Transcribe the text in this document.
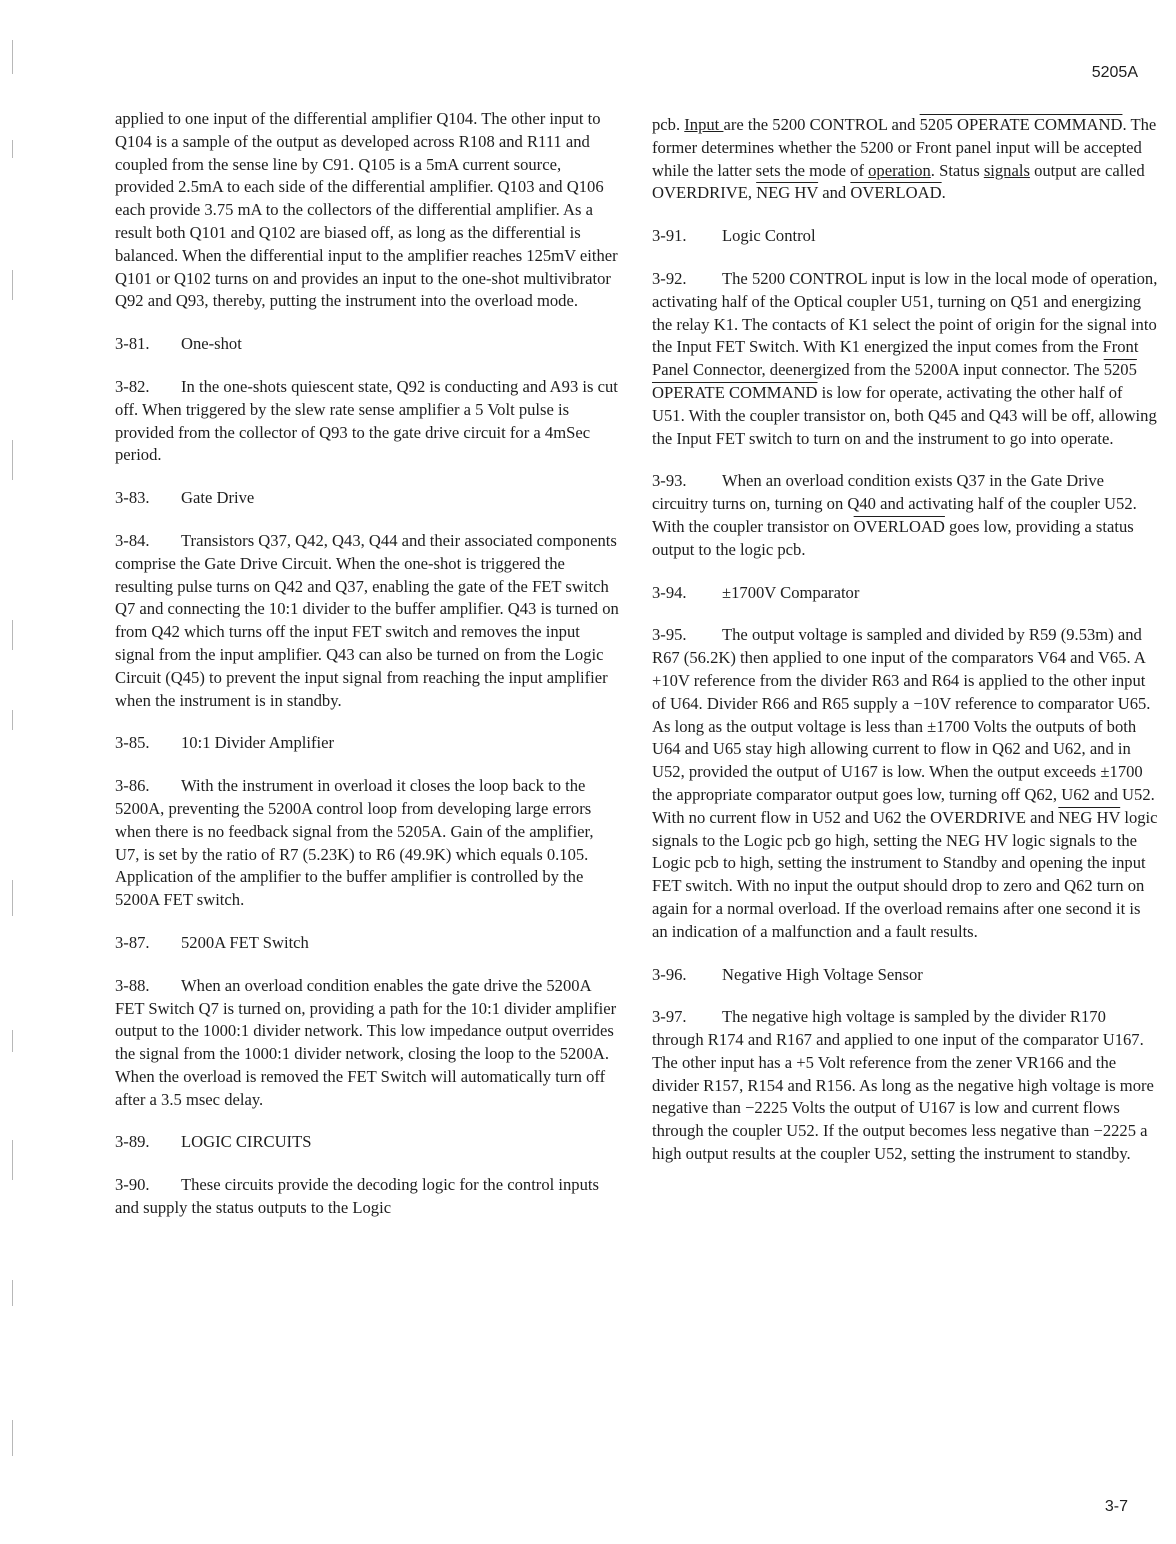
5205A

applied to one input of the differential amplifier Q104. The other input to Q104 is a sample of the output as developed across R108 and R111 and coupled from the sense line by C91. Q105 is a 5mA current source, provided 2.5mA to each side of the differential amplifier. Q103 and Q106 each provide 3.75 mA to the collectors of the differential amplifier. As a result both Q101 and Q102 are biased off, as long as the differential is balanced. When the differential input to the amplifier reaches 125mV either Q101 or Q102 turns on and provides an input to the one-shot multivibrator Q92 and Q93, thereby, putting the instrument into the overload mode.

3-81. One-shot

3-82. In the one-shots quiescent state, Q92 is conducting and A93 is cut off. When triggered by the slew rate sense amplifier a 5 Volt pulse is provided from the collector of Q93 to the gate drive circuit for a 4mSec period.

3-83. Gate Drive

3-84. Transistors Q37, Q42, Q43, Q44 and their associated components comprise the Gate Drive Circuit. When the one-shot is triggered the resulting pulse turns on Q42 and Q37, enabling the gate of the FET switch Q7 and connecting the 10:1 divider to the buffer amplifier. Q43 is turned on from Q42 which turns off the input FET switch and removes the input signal from the input amplifier. Q43 can also be turned on from the Logic Circuit (Q45) to prevent the input signal from reaching the input amplifier when the instrument is in standby.

3-85. 10:1 Divider Amplifier

3-86. With the instrument in overload it closes the loop back to the 5200A, preventing the 5200A control loop from developing large errors when there is no feedback signal from the 5205A. Gain of the amplifier, U7, is set by the ratio of R7 (5.23K) to R6 (49.9K) which equals 0.105. Application of the amplifier to the buffer amplifier is controlled by the 5200A FET switch.

3-87. 5200A FET Switch

3-88. When an overload condition enables the gate drive the 5200A FET Switch Q7 is turned on, providing a path for the 10:1 divider amplifier output to the 1000:1 divider network. This low impedance output overrides the signal from the 1000:1 divider network, closing the loop to the 5200A. When the overload is removed the FET Switch will automatically turn off after a 3.5 msec delay.

3-89. LOGIC CIRCUITS

3-90. These circuits provide the decoding logic for the control inputs and supply the status outputs to the Logic

pcb. Input are the 5200 CONTROL and 5205 OPERATE COMMAND. The former determines whether the 5200 or Front panel input will be accepted while the latter sets the mode of operation. Status signals output are called OVERDRIVE, NEG HV and OVERLOAD.

3-91. Logic Control

3-92. The 5200 CONTROL input is low in the local mode of operation, activating half of the Optical coupler U51, turning on Q51 and energizing the relay K1. The contacts of K1 select the point of origin for the signal into the Input FET Switch. With K1 energized the input comes from the Front Panel Connector, deenergized from the 5200A input connector. The 5205 OPERATE COMMAND is low for operate, activating the other half of U51. With the coupler transistor on, both Q45 and Q43 will be off, allowing the Input FET switch to turn on and the instrument to go into operate.

3-93. When an overload condition exists Q37 in the Gate Drive circuitry turns on, turning on Q40 and activating half of the coupler U52. With the coupler transistor on OVERLOAD goes low, providing a status output to the logic pcb.

3-94. ±1700V Comparator

3-95. The output voltage is sampled and divided by R59 (9.53m) and R67 (56.2K) then applied to one input of the comparators V64 and V65. A +10V reference from the divider R63 and R64 is applied to the other input of U64. Divider R66 and R65 supply a −10V reference to comparator U65. As long as the output voltage is less than ±1700 Volts the outputs of both U64 and U65 stay high allowing current to flow in Q62 and U62, and in U52, provided the output of U167 is low. When the output exceeds ±1700 the appropriate comparator output goes low, turning off Q62, U62 and U52. With no current flow in U52 and U62 the OVERDRIVE and NEG HV logic signals to the Logic pcb go high, setting the NEG HV logic signals to the Logic pcb to high, setting the instrument to Standby and opening the input FET switch. With no input the output should drop to zero and Q62 turn on again for a normal overload. If the overload remains after one second it is an indication of a malfunction and a fault results.

3-96. Negative High Voltage Sensor

3-97. The negative high voltage is sampled by the divider R170 through R174 and R167 and applied to one input of the comparator U167. The other input has a +5 Volt reference from the zener VR166 and the divider R157, R154 and R156. As long as the negative high voltage is more negative than −2225 Volts the output of U167 is low and current flows through the coupler U52. If the output becomes less negative than −2225 a high output results at the coupler U52, setting the instrument to standby.

3-7
